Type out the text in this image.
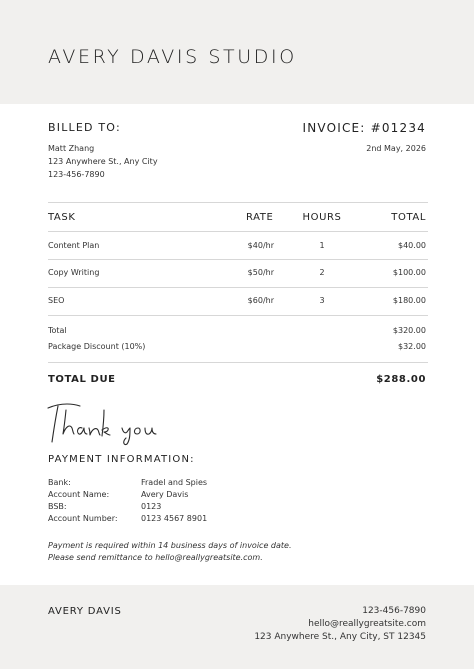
AVERY DAVIS STUDIO
BILLED TO:
Matt Zhang
123 Anywhere St., Any City
123-456-7890
INVOICE: #01234
2nd May, 2026
TASK	RATE	HOURS	TOTAL
Content Plan	$40/hr	1	$40.00
Copy Writing	$50/hr	2	$100.00
SEO	$60/hr	3	$180.00
Total	$320.00
Package Discount (10%)	$32.00
TOTAL DUE	$288.00
PAYMENT INFORMATION:
Bank:	Fradel and Spies
Account Name:	Avery Davis
BSB:	0123
Account Number:	0123 4567 8901
Payment is required within 14 business days of invoice date.
Please send remittance to hello@reallygreatsite.com.
AVERY DAVIS	123-456-7890
hello@reallygreatsite.com
123 Anywhere St., Any City, ST 12345
